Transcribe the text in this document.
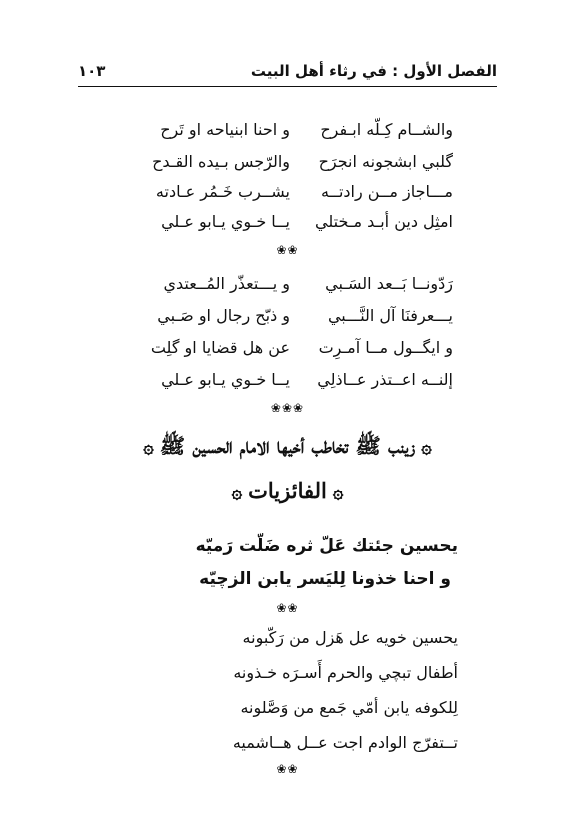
الفصل الأول : في رثاء أهل البيت
١٠٣
والشــام كِـلّه ابـفرح
و احنا ابنياحه او تَرح
گلبي ابشجونه انجرَح
والرّجس بـيده القـدح
مـــاجاز مــن رادتــه
يشــرب خَـمُر عـادته
امثِل دين أبـد مـختلي
يــا خـوي يـابو عـلي
❀❀
رَدّونــا بَــعد السَـبي
و يـــتعذّر المُــعتدي
يـــعرفنَا آل النَّـــبي
و ذبّح رجال او صَـبي
و ايگــول مــا آمـرِت
عن هل قضايا او گلِت
إلنــه اعــتذر عــاذلِي
يــا خـوي يـابو عـلي
❀❀❀
۞زينب ﷺ تخاطب أخيها الامام الحسين ﷺ۞
۞الفائزيات۞
يحسين جئتك عَلّ ثره ضَلّت رَميّه
و احنا خذونا لِليَسر يابن الزچيّه
❀❀
يحسين خويه عل هَزل من رَكّبونه
أطفال تبچي والحرم أَسـرَه خـذونه
لِلكوفه يابن أمّي جَمع من وَصَّلونه
تــتفرّج الوادم اجت عــل هــاشميه
❀❀
